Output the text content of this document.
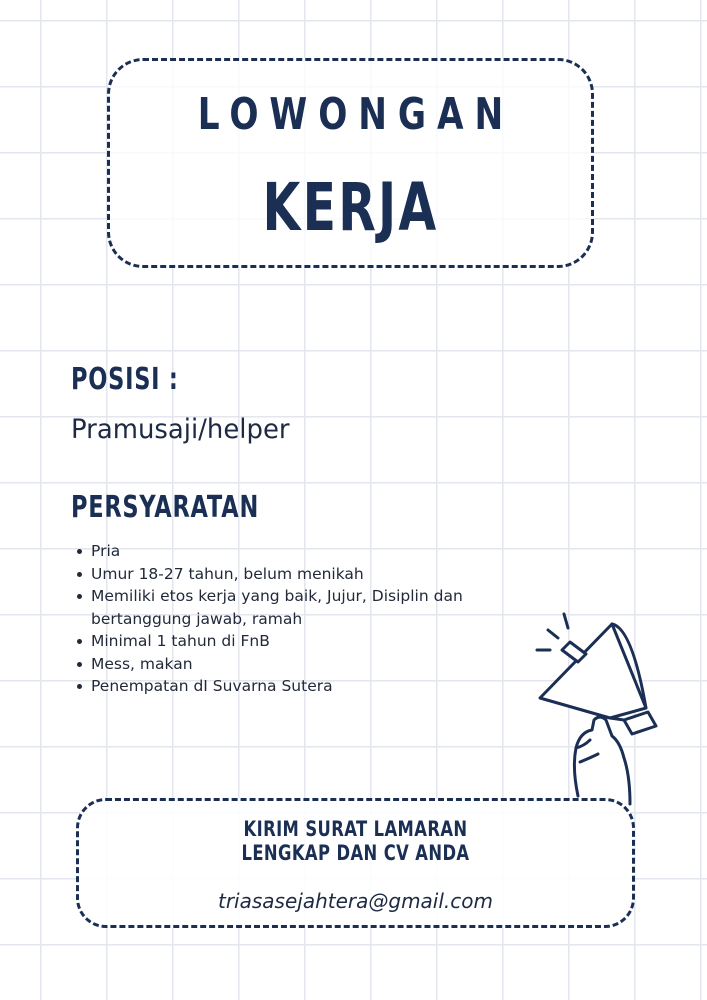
LOWONGAN
KERJA
POSISI :
Pramusaji/helper
PERSYARATAN
Pria
Umur 18-27 tahun, belum menikah
Memiliki etos kerja yang baik, Jujur, Disiplin dan bertanggung jawab, ramah
Minimal 1 tahun di FnB
Mess, makan
Penempatan dI Suvarna Sutera
KIRIM SURAT LAMARAN
LENGKAP DAN CV ANDA
triasasejahtera@gmail.com
